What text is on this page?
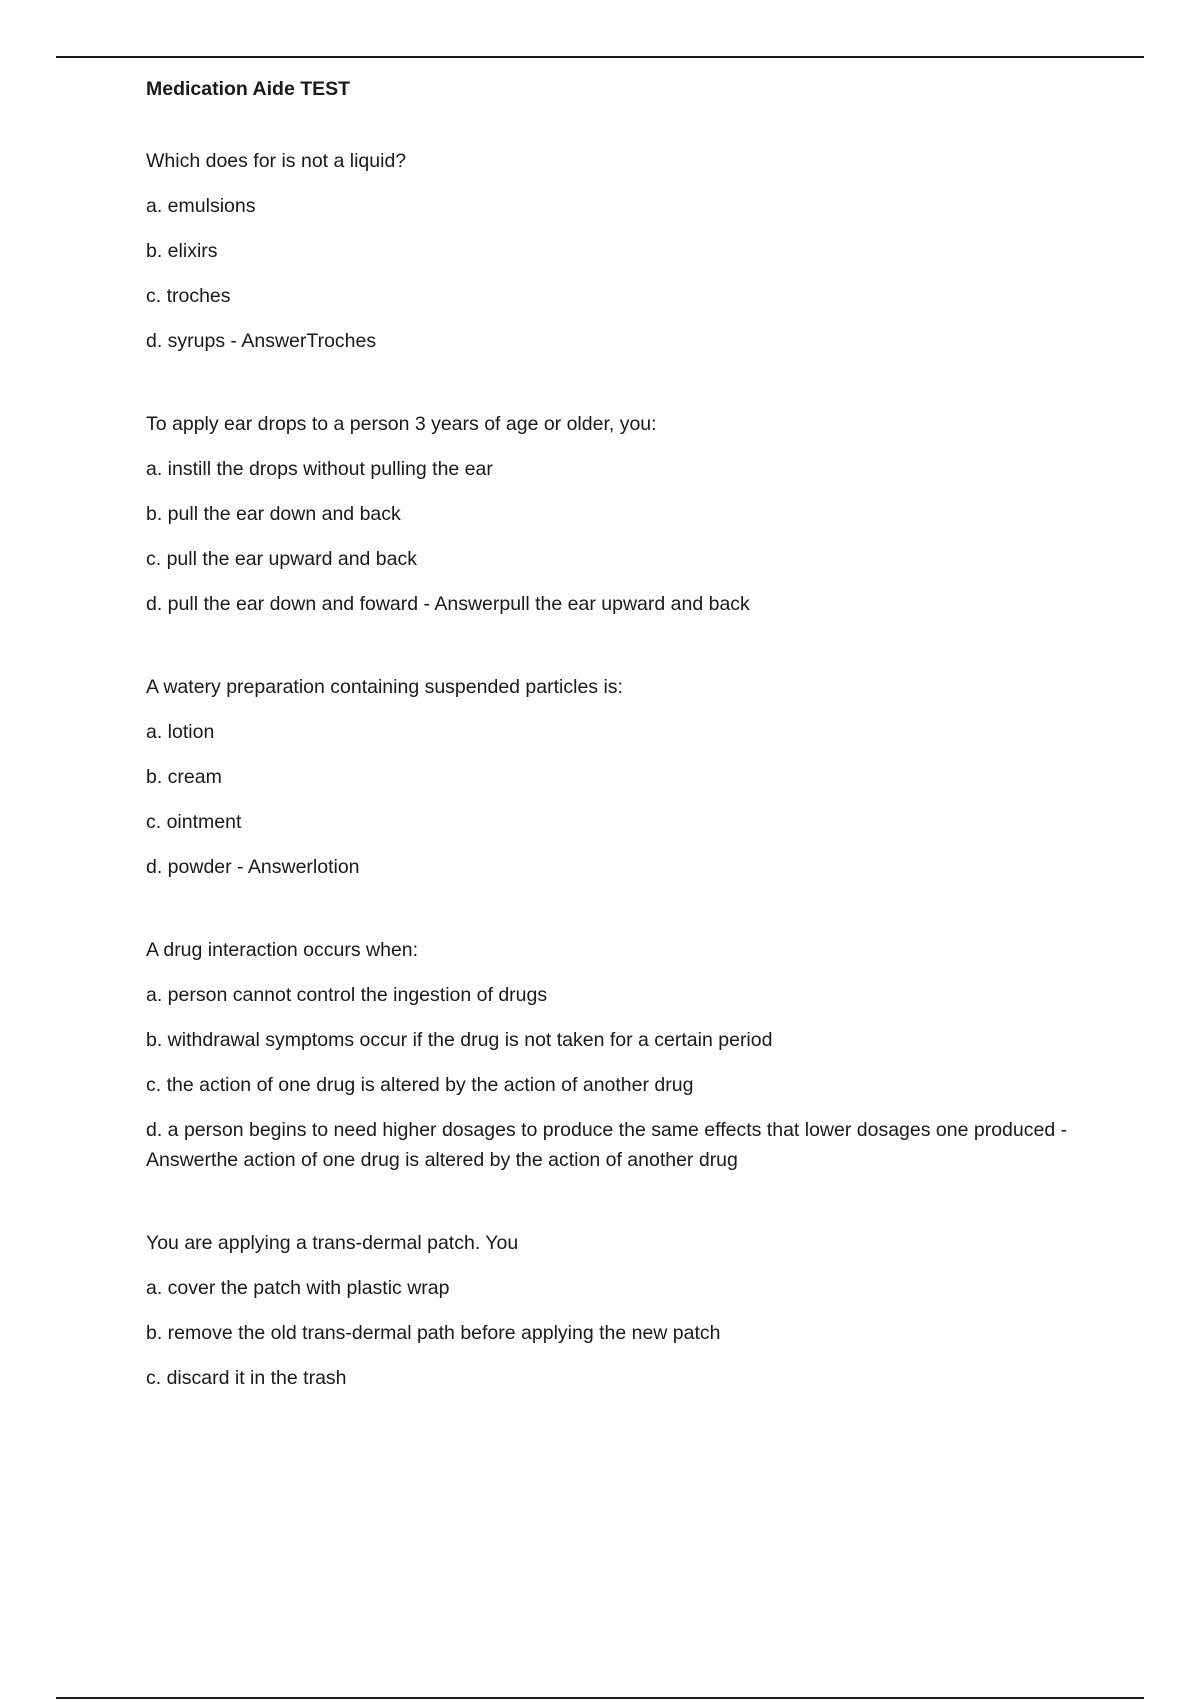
Medication Aide TEST

Which does for is not a liquid?

a. emulsions

b. elixirs

c. troches

d. syrups - AnswerTroches

To apply ear drops to a person 3 years of age or older, you:

a. instill the drops without pulling the ear

b. pull the ear down and back

c. pull the ear upward and back

d. pull the ear down and foward - Answerpull the ear upward and back

A watery preparation containing suspended particles is:

a. lotion

b. cream

c. ointment

d. powder - Answerlotion

A drug interaction occurs when:

a. person cannot control the ingestion of drugs

b. withdrawal symptoms occur if the drug is not taken for a certain period

c. the action of one drug is altered by the action of another drug

d. a person begins to need higher dosages to produce the same effects that lower dosages one produced - Answerthe action of one drug is altered by the action of another drug

You are applying a trans-dermal patch. You

a. cover the patch with plastic wrap

b. remove the old trans-dermal path before applying the new patch

c. discard it in the trash
